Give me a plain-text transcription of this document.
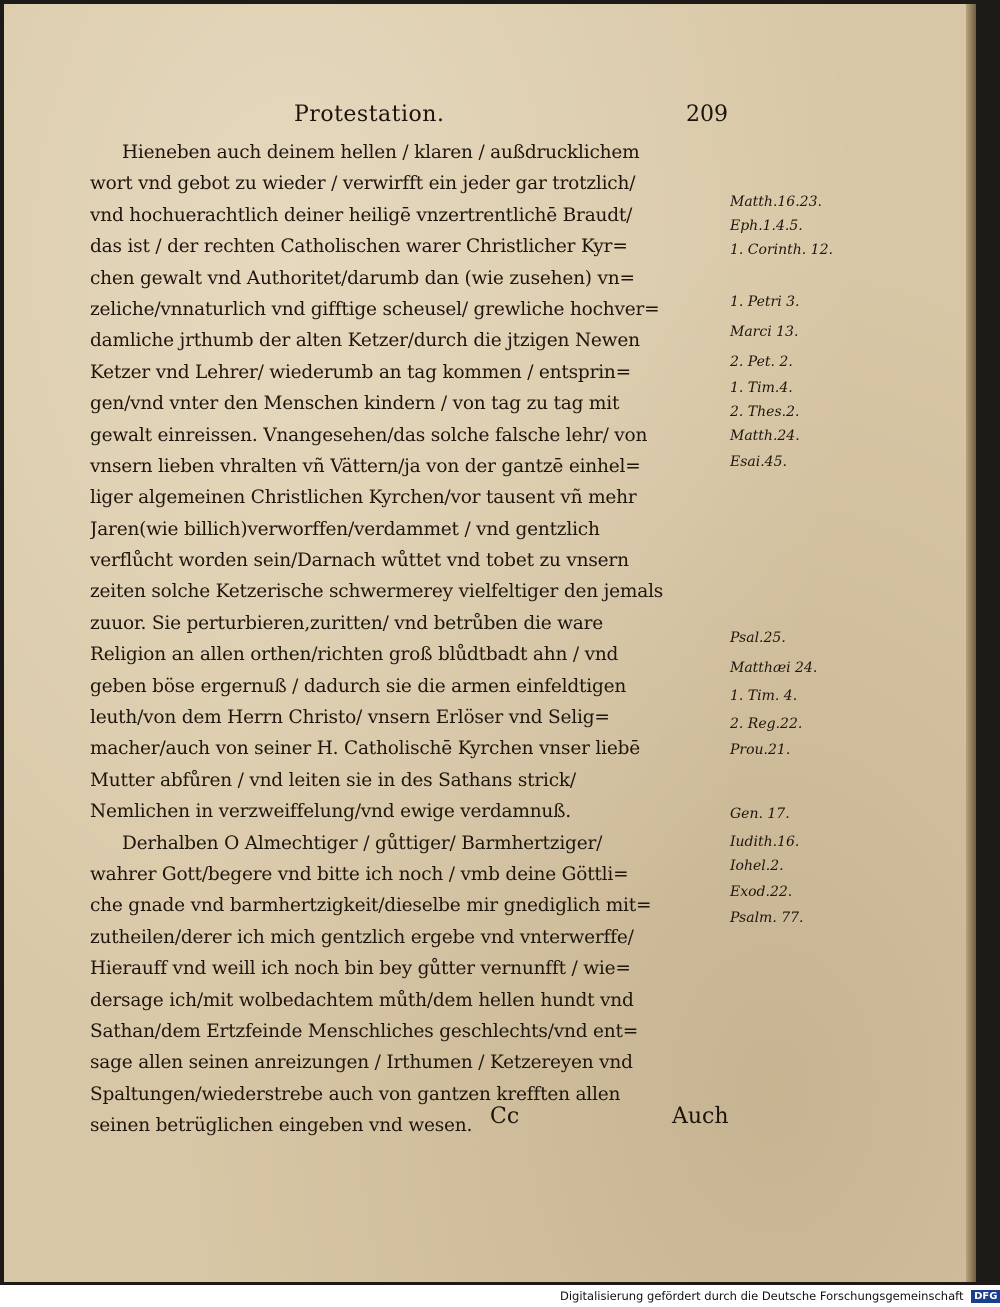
Protestation.	209
Hieneben auch deinem hellen / klaren / außdrucklichem
wort vnd gebot zu wieder / verwirfft ein jeder gar trotzlich/
vnd hochuerachtlich deiner heiligē vnzertrentlichē Braudt/
das ist / der rechten Catholischen warer Christlicher Kyr=
chen gewalt vnd Authoritet/darumb dan (wie zusehen) vn=
zeliche/vnnaturlich vnd gifftige scheusel/ grewliche hochver=
damliche jrthumb der alten Ketzer/durch die jtzigen Newen
Ketzer vnd Lehrer/ wiederumb an tag kommen / entsprin=
gen/vnd vnter den Menschen kindern / von tag zu tag mit
gewalt einreissen. Vnangesehen/das solche falsche lehr/ von
vnsern lieben vhralten vñ Vättern/ja von der gantzē einhel=
liger algemeinen Christlichen Kyrchen/vor tausent vñ mehr
Jaren(wie billich)verworffen/verdammet / vnd gentzlich
verflůcht worden sein/Darnach wůttet vnd tobet zu vnsern
zeiten solche Ketzerische schwermerey vielfeltiger den jemals
zuuor. Sie perturbieren,zuritten/ vnd betrůben die ware
Religion an allen orthen/richten groß blůdtbadt ahn / vnd
geben böse ergernuß / dadurch sie die armen einfeldtigen
leuth/von dem Herrn Christo/ vnsern Erlöser vnd Selig=
macher/auch von seiner H. Catholischē Kyrchen vnser liebē
Mutter abfůren / vnd leiten sie in des Sathans strick/
Nemlichen in verzweiffelung/vnd ewige verdamnuß.
Derhalben O Almechtiger / gůttiger/ Barmhertziger/
wahrer Gott/begere vnd bitte ich noch / vmb deine Göttli=
che gnade vnd barmhertzigkeit/dieselbe mir gnediglich mit=
zutheilen/derer ich mich gentzlich ergebe vnd vnterwerffe/
Hierauff vnd weill ich noch bin bey gůtter vernunfft / wie=
dersage ich/mit wolbedachtem můth/dem hellen hundt vnd
Sathan/dem Ertzfeinde Menschliches geschlechts/vnd ent=
sage allen seinen anreizungen / Irthumen / Ketzereyen vnd
Spaltungen/wiederstrebe auch von gantzen krefften allen
seinen betrüglichen eingeben vnd wesen.
Matth.16.23.
Eph.1.4.5.
1. Corinth. 12.
1. Petri 3.
Marci 13.
2. Pet. 2.
1. Tim.4.
2. Thes.2.
Matth.24.
Esai.45.
Psal.25.
Matthæi 24.
1. Tim. 4.
2. Reg.22.
Prou.21.
Gen. 17.
Iudith.16.
Iohel.2.
Exod.22.
Psalm. 77.
Cc	Auch
Digitalisierung gefördert durch die Deutsche Forschungsgemeinschaft DFG
